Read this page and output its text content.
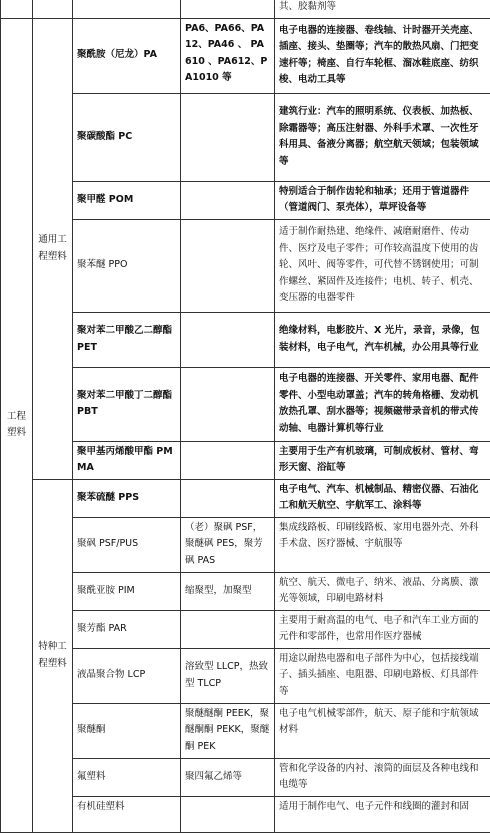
				其、胶黏剂等
工程塑料	通用工程塑料	聚酰胺（尼龙）PA	PA6、PA66、PA12、PA46 、 PA610 、PA612、PA1010 等	电子电器的连接器、卷线轴、计时器开关壳座、插座、接头、垫圈等；汽车的散热风扇、门把变速杆等；椅座、自行车轮框、溜冰鞋底座、纺织梭、电动工具等
		聚碳酸酯 PC		建筑行业：汽车的照明系统、仪表板、加热板、除霜器等；高压注射器、外科手术罩、一次性牙科用具、备液分离器；航空航天领域；包装领域等
		聚甲醛 POM		特别适合于制作齿轮和轴承；还用于管道器件（管道阀门、泵壳体），草坪设备等
		聚苯醚 PPO		适于制作耐热建、绝缘件、减磨耐磨件、传动件、医疗及电子零件；可作较高温度下使用的齿轮、风叶、阀等零件，可代替不锈钢使用；可制作螺丝、紧固件及连接件；电机、转子、机壳、变压器的电器零件
		聚对苯二甲酸乙二醇酯 PET		绝缘材料，电影胶片、X 光片，录音，录像，包装材料，电子电气，汽车机械，办公用具等行业
		聚对苯二甲酸丁二醇酯 PBT		电子电器的连接器、开关零件、家用电器、配件零件、小型电动罩盖；汽车的转角格栅、发动机放热孔罩、刮水器等；视频磁带录音机的带式传动轴、电器计算机等行业
		聚甲基丙烯酸甲酯 PMMA		主要用于生产有机玻璃，可制成板材、管材、弯形天窗、浴缸等
	特种工程塑料	聚苯硫醚 PPS		电子电气、汽车、机械制品、精密仪器、石油化工和航天航空、宇航军工、涂料等
		聚砜 PSF/PUS	（老）聚砜 PSF，聚醚砜 PES，聚芳砜 PAS	集成线路板、印刷线路板、家用电器外壳、外科手术盘、医疗器械、宇航服等
		聚酰亚胺 PIM	缩聚型，加聚型	航空、航天、微电子、纳米、液晶、分离膜、激光等领域，印刷电路材料
		聚芳酯 PAR		主要用于耐高温的电气、电子和汽车工业方面的元件和零部件，也常用作医疗器械
		液晶聚合物 LCP	溶致型 LLCP，热致型 TLCP	用途以耐热电器和电子部件为中心，包括接线端子、插头插座、电阻器、印刷电路板、灯具部件等
		聚醚酮	聚醚醚酮 PEEK，聚醚酮酮 PEKK，聚醚酮 PEK	电子电气机械零部件，航天、原子能和宇航领域材料
		氟塑料	聚四氟乙烯等	管和化学设备的内衬、滚筒的面层及各种电线和电缆等
		有机硅塑料		适用于制作电气、电子元件和线圈的灌封和固
